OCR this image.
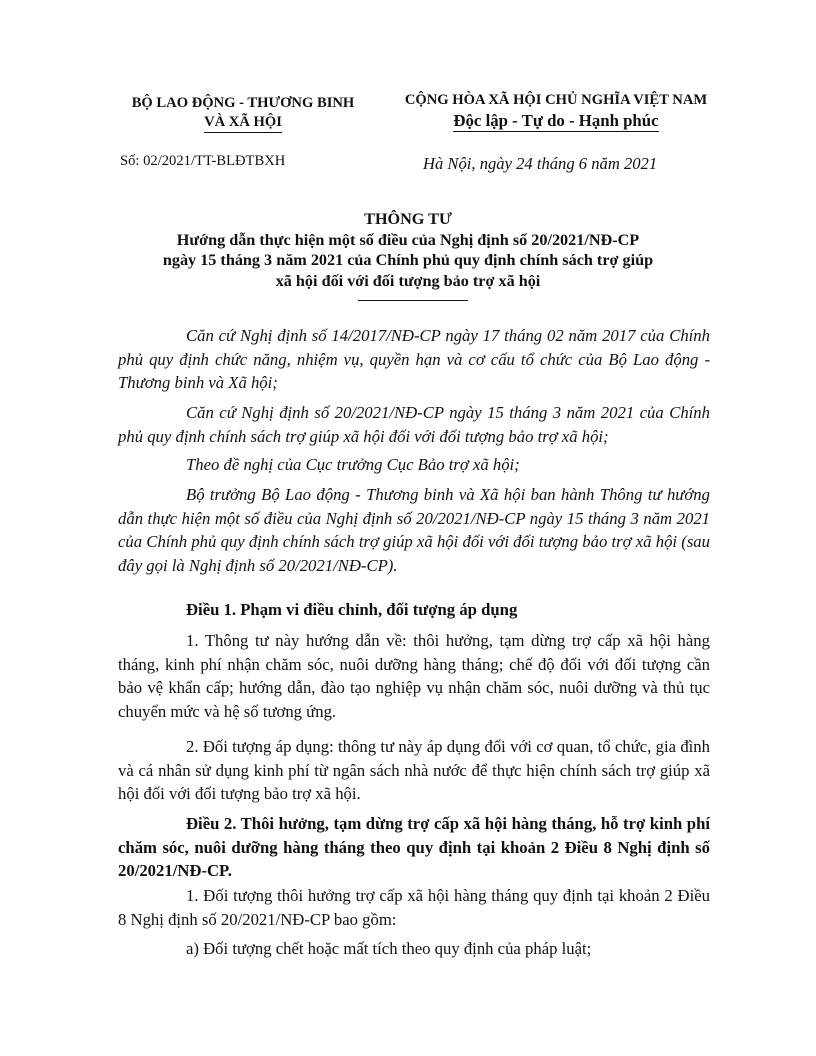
BỘ LAO ĐỘNG - THƯƠNG BINH
VÀ XÃ HỘI
CỘNG HÒA XÃ HỘI CHỦ NGHĨA VIỆT NAM
Độc lập - Tự do - Hạnh phúc
Số: 02/2021/TT-BLĐTBXH	Hà Nội, ngày 24 tháng 6 năm 2021
THÔNG TƯ
Hướng dẫn thực hiện một số điều của Nghị định số 20/2021/NĐ-CP
ngày 15 tháng 3 năm 2021 của Chính phủ quy định chính sách trợ giúp
xã hội đối với đối tượng bảo trợ xã hội
Căn cứ Nghị định số 14/2017/NĐ-CP ngày 17 tháng 02 năm 2017 của Chính phủ quy định chức năng, nhiệm vụ, quyền hạn và cơ cấu tổ chức của Bộ Lao động - Thương binh và Xã hội;
Căn cứ Nghị định số 20/2021/NĐ-CP ngày 15 tháng 3 năm 2021 của Chính phủ quy định chính sách trợ giúp xã hội đối với đối tượng bảo trợ xã hội;
Theo đề nghị của Cục trưởng Cục Bảo trợ xã hội;
Bộ trưởng Bộ Lao động - Thương binh và Xã hội ban hành Thông tư hướng dẫn thực hiện một số điều của Nghị định số 20/2021/NĐ-CP ngày 15 tháng 3 năm 2021 của Chính phủ quy định chính sách trợ giúp xã hội đối với đối tượng bảo trợ xã hội (sau đây gọi là Nghị định số 20/2021/NĐ-CP).
Điều 1. Phạm vi điều chỉnh, đối tượng áp dụng
1. Thông tư này hướng dẫn về: thôi hưởng, tạm dừng trợ cấp xã hội hàng tháng, kinh phí nhận chăm sóc, nuôi dưỡng hàng tháng; chế độ đối với đối tượng cần bảo vệ khẩn cấp; hướng dẫn, đào tạo nghiệp vụ nhận chăm sóc, nuôi dưỡng và thủ tục chuyển mức và hệ số tương ứng.
2. Đối tượng áp dụng: thông tư này áp dụng đối với cơ quan, tổ chức, gia đình và cá nhân sử dụng kinh phí từ ngân sách nhà nước để thực hiện chính sách trợ giúp xã hội đối với đối tượng bảo trợ xã hội.
Điều 2. Thôi hưởng, tạm dừng trợ cấp xã hội hàng tháng, hỗ trợ kinh phí chăm sóc, nuôi dưỡng hàng tháng theo quy định tại khoản 2 Điều 8 Nghị định số 20/2021/NĐ-CP.
1. Đối tượng thôi hưởng trợ cấp xã hội hàng tháng quy định tại khoản 2 Điều 8 Nghị định số 20/2021/NĐ-CP bao gồm:
a) Đối tượng chết hoặc mất tích theo quy định của pháp luật;
